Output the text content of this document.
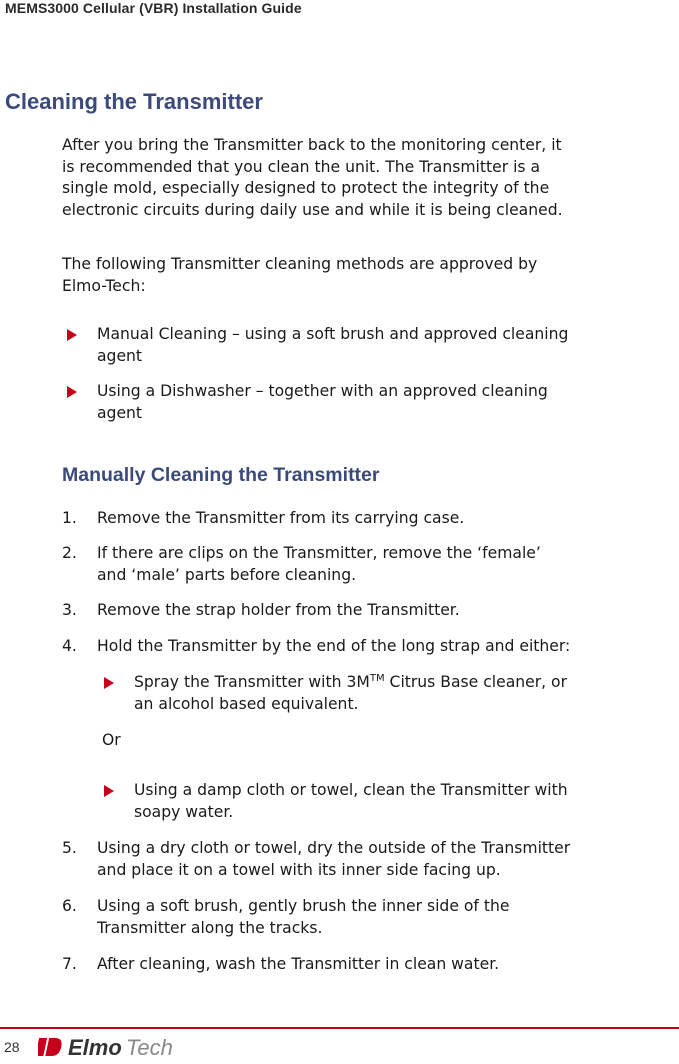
MEMS3000 Cellular (VBR) Installation Guide
Cleaning the Transmitter
After you bring the Transmitter back to the monitoring center, it
is recommended that you clean the unit. The Transmitter is a
single mold, especially designed to protect the integrity of the
electronic circuits during daily use and while it is being cleaned.
The following Transmitter cleaning methods are approved by
Elmo-Tech:
Manual Cleaning – using a soft brush and approved cleaning
agent
Using a Dishwasher – together with an approved cleaning
agent
Manually Cleaning the Transmitter
1. Remove the Transmitter from its carrying case.
2. If there are clips on the Transmitter, remove the ‘female’
and ‘male’ parts before cleaning.
3. Remove the strap holder from the Transmitter.
4. Hold the Transmitter by the end of the long strap and either:
Spray the Transmitter with 3M™ Citrus Base cleaner, or
an alcohol based equivalent.
Or
Using a damp cloth or towel, clean the Transmitter with
soapy water.
5. Using a dry cloth or towel, dry the outside of the Transmitter
and place it on a towel with its inner side facing up.
6. Using a soft brush, gently brush the inner side of the
Transmitter along the tracks.
7. After cleaning, wash the Transmitter in clean water.
28 Elmo Tech
